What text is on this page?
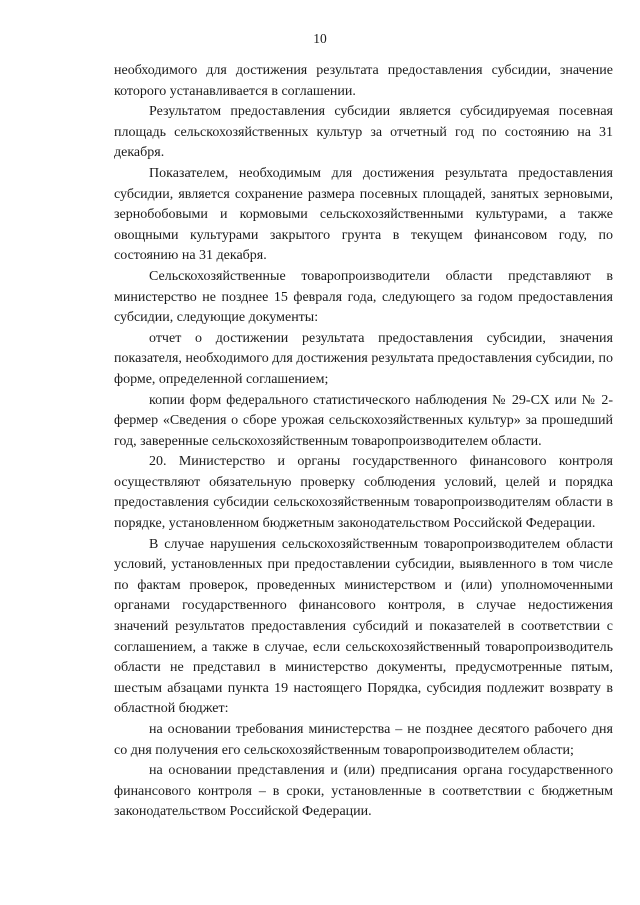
10

необходимого для достижения результата предоставления субсидии, значение которого устанавливается в соглашении.

Результатом предоставления субсидии является субсидируемая посевная площадь сельскохозяйственных культур за отчетный год по состоянию на 31 декабря.

Показателем, необходимым для достижения результата предоставления субсидии, является сохранение размера посевных площадей, занятых зерновыми, зернобобовыми и кормовыми сельскохозяйственными культурами, а также овощными культурами закрытого грунта в текущем финансовом году, по состоянию на 31 декабря.

Сельскохозяйственные товаропроизводители области представляют в министерство не позднее 15 февраля года, следующего за годом предоставления субсидии, следующие документы:

отчет о достижении результата предоставления субсидии, значения показателя, необходимого для достижения результата предоставления субсидии, по форме, определенной соглашением;

копии форм федерального статистического наблюдения № 29-СХ или № 2-фермер «Сведения о сборе урожая сельскохозяйственных культур» за прошедший год, заверенные сельскохозяйственным товаропроизводителем области.

20. Министерство и органы государственного финансового контроля осуществляют обязательную проверку соблюдения условий, целей и порядка предоставления субсидии сельскохозяйственным товаропроизводителям области в порядке, установленном бюджетным законодательством Российской Федерации.

В случае нарушения сельскохозяйственным товаропроизводителем области условий, установленных при предоставлении субсидии, выявленного в том числе по фактам проверок, проведенных министерством и (или) уполномоченными органами государственного финансового контроля, в случае недостижения значений результатов предоставления субсидий и показателей в соответствии с соглашением, а также в случае, если сельскохозяйственный товаропроизводитель области не представил в министерство документы, предусмотренные пятым, шестым абзацами пункта 19 настоящего Порядка, субсидия подлежит возврату в областной бюджет:

на основании требования министерства – не позднее десятого рабочего дня со дня получения его сельскохозяйственным товаропроизводителем области;

на основании представления и (или) предписания органа государственного финансового контроля – в сроки, установленные в соответствии с бюджетным законодательством Российской Федерации.
